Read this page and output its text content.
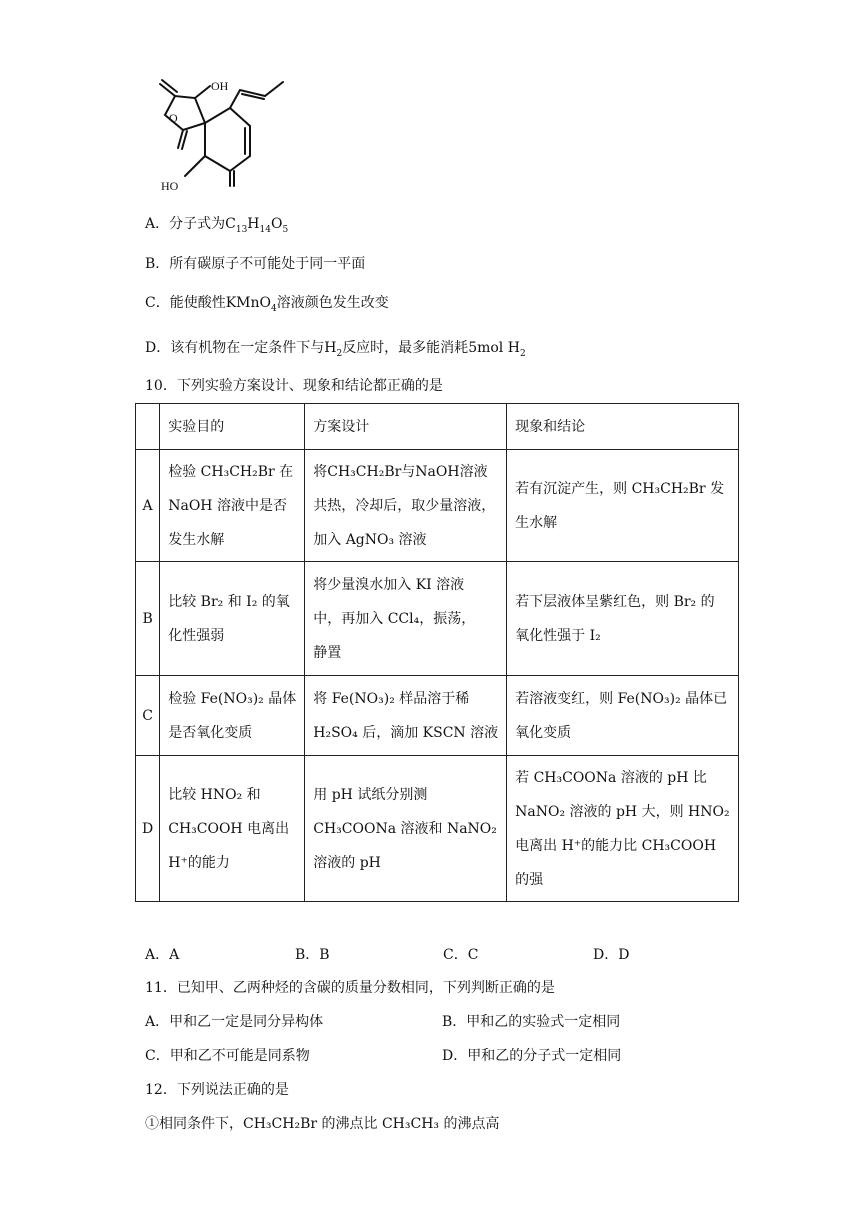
O
OH
HO
A．分子式为$C_{13}H_{14}O_5$
B．所有碳原子不可能处于同一平面
C．能使酸性KMnO$_4$溶液颜色发生改变
D．该有机物在一定条件下与$H_2$反应时，最多能消耗5mol $H_2$
10．下列实验方案设计、现象和结论都正确的是
	实验目的	方案设计	现象和结论
A	检验 CH₃CH₂Br 在
NaOH 溶液中是否
发生水解	将CH₃CH₂Br与NaOH溶液
共热，冷却后，取少量溶液，
加入 AgNO₃ 溶液	若有沉淀产生，则 CH₃CH₂Br 发
生水解

B	比较 Br₂ 和 I₂ 的氧
化性强弱	将少量溴水加入 KI 溶液
中，再加入 CCl₄，振荡，
静置	若下层液体呈紫红色，则 Br₂ 的
氧化性强于 I₂

C	检验 Fe(NO₃)₂ 晶体
是否氧化变质	将 Fe(NO₃)₂ 样品溶于稀
H₂SO₄ 后，滴加 KSCN 溶液	若溶液变红，则 Fe(NO₃)₂ 晶体已
氧化变质

D	比较 HNO₂ 和
CH₃COOH 电离出
H⁺的能力	用 pH 试纸分别测
CH₃COONa 溶液和 NaNO₂
溶液的 pH	若 CH₃COONa 溶液的 pH 比
NaNO₂ 溶液的 pH 大，则 HNO₂
电离出 H⁺的能力比 CH₃COOH
的强
A．A	B．B	C．C	D．D
11．已知甲、乙两种烃的含碳的质量分数相同，下列判断正确的是
A．甲和乙一定是同分异构体	B．甲和乙的实验式一定相同
C．甲和乙不可能是同系物	D．甲和乙的分子式一定相同
12．下列说法正确的是
①相同条件下，CH₃CH₂Br 的沸点比 CH₃CH₃ 的沸点高
